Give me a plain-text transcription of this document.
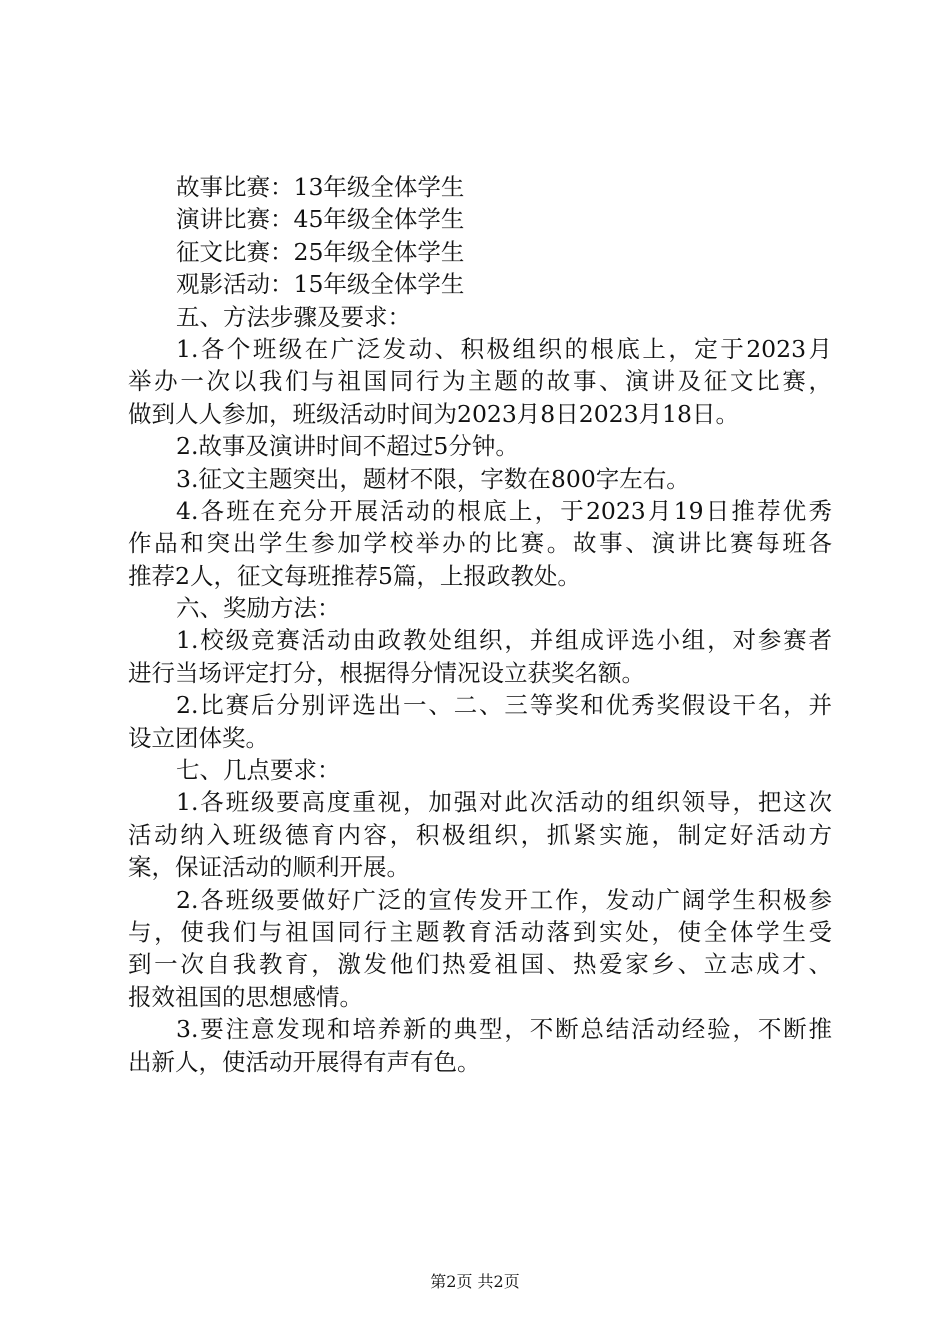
故事比赛：13年级全体学生
演讲比赛：45年级全体学生
征文比赛：25年级全体学生
观影活动：15年级全体学生
五、方法步骤及要求：
1.各个班级在广泛发动、积极组织的根底上，定于2023月
举办一次以我们与祖国同行为主题的故事、演讲及征文比赛，
做到人人参加，班级活动时间为2023月8日2023月18日。
2.故事及演讲时间不超过5分钟。
3.征文主题突出，题材不限，字数在800字左右。
4.各班在充分开展活动的根底上，于2023月19日推荐优秀
作品和突出学生参加学校举办的比赛。故事、演讲比赛每班各
推荐2人，征文每班推荐5篇，上报政教处。
六、奖励方法：
1.校级竞赛活动由政教处组织，并组成评选小组，对参赛者
进行当场评定打分，根据得分情况设立获奖名额。
2.比赛后分别评选出一、二、三等奖和优秀奖假设干名，并
设立团体奖。
七、几点要求：
1.各班级要高度重视，加强对此次活动的组织领导，把这次
活动纳入班级德育内容，积极组织，抓紧实施，制定好活动方
案，保证活动的顺利开展。
2.各班级要做好广泛的宣传发开工作，发动广阔学生积极参
与，使我们与祖国同行主题教育活动落到实处，使全体学生受
到一次自我教育，激发他们热爱祖国、热爱家乡、立志成才、
报效祖国的思想感情。
3.要注意发现和培养新的典型，不断总结活动经验，不断推
出新人，使活动开展得有声有色。
第2页 共2页
